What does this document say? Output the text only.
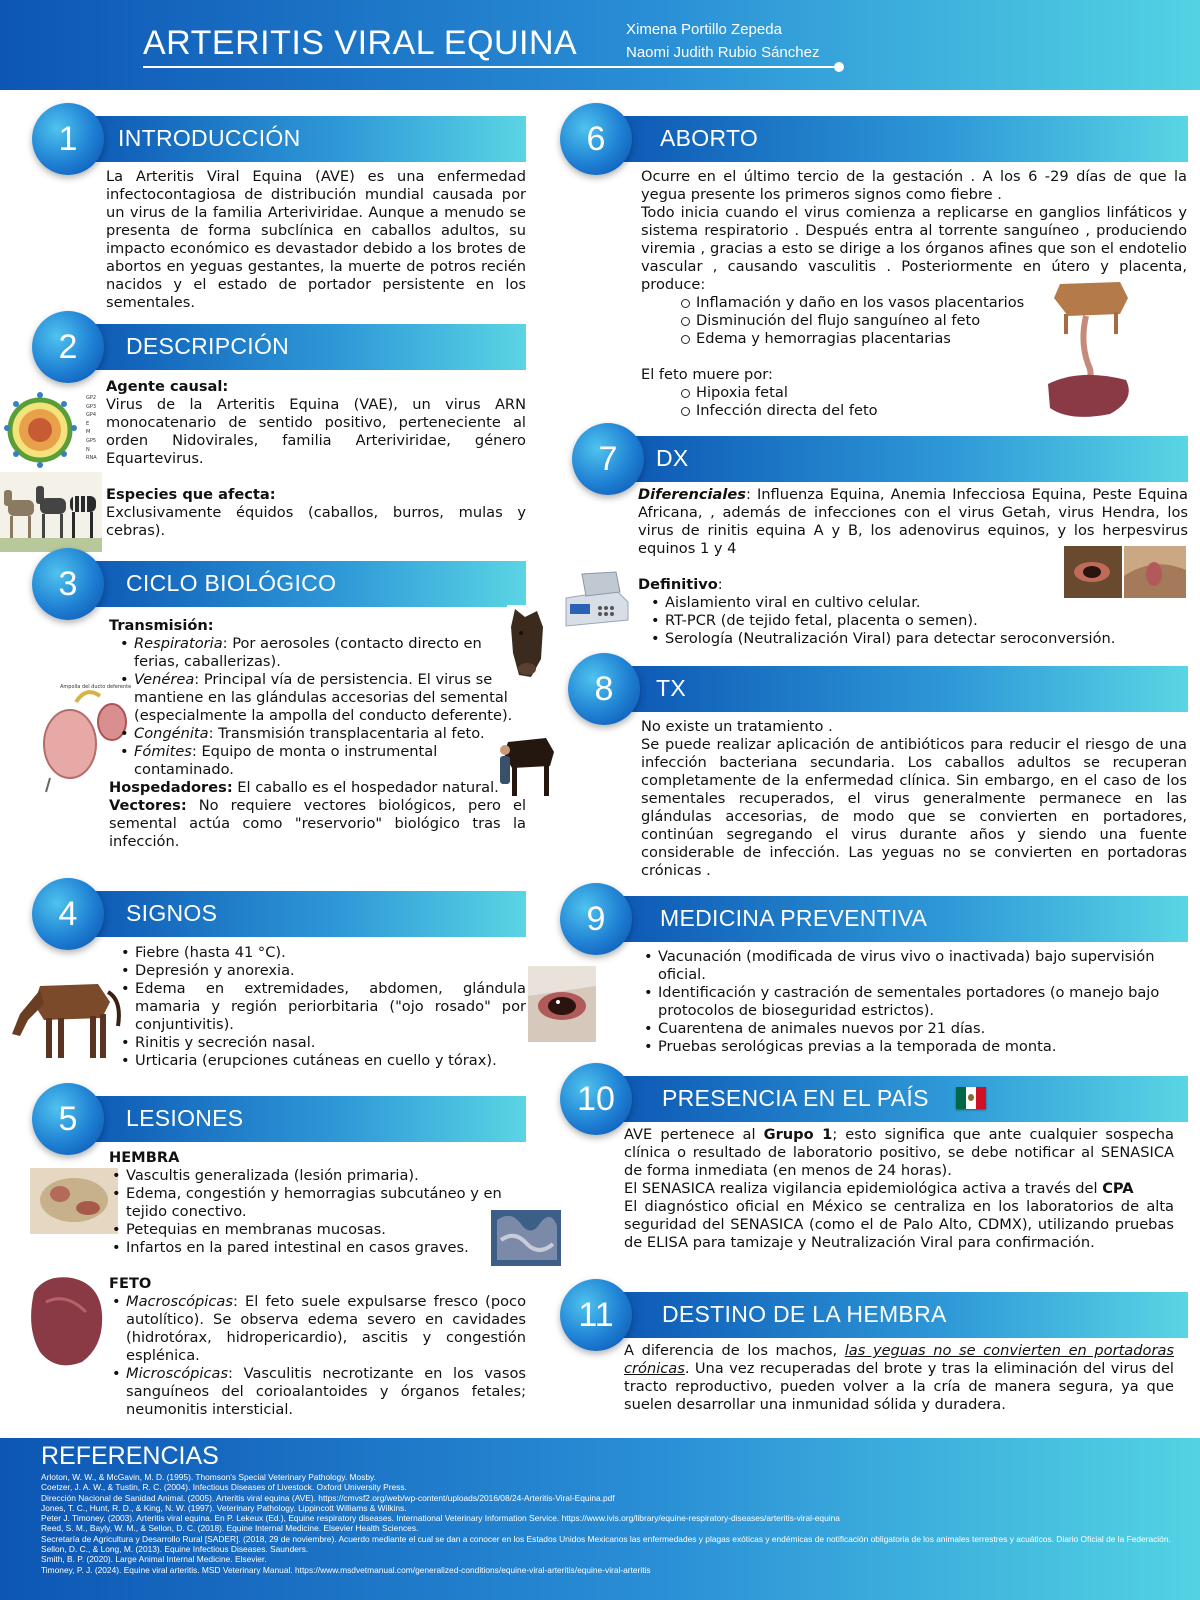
ARTERITIS VIRAL EQUINA	Ximena Portillo Zepeda
Naomi Judith Rubio Sánchez
1	INTRODUCCIÓN
La Arteritis Viral Equina (AVE) es una enfermedad infectocontagiosa de distribución mundial causada por un virus de la familia Arteriviridae. Aunque a menudo se presenta de forma subclínica en caballos adultos, su impacto económico es devastador debido a los brotes de abortos en yeguas gestantes, la muerte de potros recién nacidos y el estado de portador persistente en los sementales.
2	DESCRIPCIÓN
GP2
GP3
GP4
E
M
GP5
N
RNA
Agente causal:
Virus de la Arteritis Equina (VAE), un virus ARN monocatenario de sentido positivo, perteneciente al orden Nidovirales, familia Arteriviridae, género Equartevirus.
Especies que afecta:
Exclusivamente équidos (caballos, burros, mulas y cebras).
3	CICLO BIOLÓGICO
Ampolla del ducto deferente
Transmisión:
• Respiratoria: Por aerosoles (contacto directo en ferias, caballerizas).
• Venérea: Principal vía de persistencia. El virus se mantiene en las glándulas accesorias del semental (especialmente la ampolla del conducto deferente).
• Congénita: Transmisión transplacentaria al feto.
• Fómites: Equipo de monta o instrumental contaminado.
Hospedadores: El caballo es el hospedador natural.
Vectores: No requiere vectores biológicos, pero el semental actúa como "reservorio" biológico tras la infección.
4	SIGNOS
• Fiebre (hasta 41 °C).
• Depresión y anorexia.
• Edema en extremidades, abdomen, glándula mamaria y región periorbitaria ("ojo rosado" por conjuntivitis).
• Rinitis y secreción nasal.
• Urticaria (erupciones cutáneas en cuello y tórax).
5	LESIONES
HEMBRA
• Vascultis generalizada (lesión primaria).
• Edema, congestión y hemorragias subcutáneo y en tejido conectivo.
• Petequias en membranas mucosas.
• Infartos en la pared intestinal en casos graves.
FETO
• Macroscópicas: El feto suele expulsarse fresco (poco autolítico). Se observa edema severo en cavidades (hidrotórax, hidropericardio), ascitis y congestión esplénica.
• Microscópicas: Vasculitis necrotizante en los vasos sanguíneos del corioalantoides y órganos fetales; neumonitis intersticial.
6	ABORTO
Ocurre en el último tercio de la gestación . A los 6 -29 días de que la yegua presente los primeros signos como fiebre .
Todo inicia cuando el virus comienza a replicarse en ganglios linfáticos y sistema respiratorio . Después entra al torrente sanguíneo , produciendo viremia , gracias a esto se dirige a los órganos afines que son el endotelio vascular , causando vasculitis . Posteriormente en útero y placenta, produce:
Inflamación y daño en los vasos placentarios
Disminución del flujo sanguíneo al feto
Edema y hemorragias placentarias
El feto muere por:
Hipoxia fetal
Infección directa del feto
7	DX
Diferenciales: Influenza Equina, Anemia Infecciosa Equina, Peste Equina Africana, , además de infecciones con el virus Getah, virus Hendra, los virus de rinitis equina A y B, los adenovirus equinos, y los herpesvirus equinos 1 y 4
Definitivo:
• Aislamiento viral en cultivo celular.
• RT-PCR (de tejido fetal, placenta o semen).
• Serología (Neutralización Viral) para detectar seroconversión.
8	TX
No existe un tratamiento .
Se puede realizar aplicación de antibióticos para reducir el riesgo de una infección bacteriana secundaria. Los caballos adultos se recuperan completamente de la enfermedad clínica. Sin embargo, en el caso de los sementales recuperados, el virus generalmente permanece en las glándulas accesorias, de modo que se convierten en portadores, continúan segregando el virus durante años y siendo una fuente considerable de infección. Las yeguas no se convierten en portadoras crónicas .
9	MEDICINA PREVENTIVA
• Vacunación (modificada de virus vivo o inactivada) bajo supervisión oficial.
• Identificación y castración de sementales portadores (o manejo bajo protocolos de bioseguridad estrictos).
• Cuarentena de animales nuevos por 21 días.
• Pruebas serológicas previas a la temporada de monta.
10	PRESENCIA EN EL PAÍS
AVE pertenece al Grupo 1; esto significa que ante cualquier sospecha clínica o resultado de laboratorio positivo, se debe notificar al SENASICA de forma inmediata (en menos de 24 horas).
El SENASICA realiza vigilancia epidemiológica activa a través del CPA
El diagnóstico oficial en México se centraliza en los laboratorios de alta seguridad del SENASICA (como el de Palo Alto, CDMX), utilizando pruebas de ELISA para tamizaje y Neutralización Viral para confirmación.
11	DESTINO DE LA HEMBRA
A diferencia de los machos, las yeguas no se convierten en portadoras crónicas. Una vez recuperadas del brote y tras la eliminación del virus del tracto reproductivo, pueden volver a la cría de manera segura, ya que suelen desarrollar una inmunidad sólida y duradera.
REFERENCIAS
Arloton, W. W., & McGavin, M. D. (1995). Thomson's Special Veterinary Pathology. Mosby.
Coetzer, J. A. W., & Tustin, R. C. (2004). Infectious Diseases of Livestock. Oxford University Press.
Dirección Nacional de Sanidad Animal. (2005). Arteritis viral equina (AVE). https://cmvsf2.org/web/wp-content/uploads/2016/08/24-Arteritis-Viral-Equina.pdf
Jones, T. C., Hunt, R. D., & King, N. W. (1997). Veterinary Pathology. Lippincott Williams & Wilkins.
Peter J. Timoney. (2003). Arteritis viral equina. En P. Lekeux (Ed.), Equine respiratory diseases. International Veterinary Information Service. https://www.ivis.org/library/equine-respiratory-diseases/arteritis-viral-equina
Reed, S. M., Bayly, W. M., & Sellon, D. C. (2018). Equine Internal Medicine. Elsevier Health Sciences.
Secretaría de Agricultura y Desarrollo Rural [SADER]. (2018, 29 de noviembre). Acuerdo mediante el cual se dan a conocer en los Estados Unidos Mexicanos las enfermedades y plagas exóticas y endémicas de notificación obligatoria de los animales terrestres y acuáticos. Diario Oficial de la Federación.
Sellon, D. C., & Long, M. (2013). Equine Infectious Diseases. Saunders.
Smith, B. P. (2020). Large Animal Internal Medicine. Elsevier.
Timoney, P. J. (2024). Equine viral arteritis. MSD Veterinary Manual. https://www.msdvetmanual.com/generalized-conditions/equine-viral-arteritis/equine-viral-arteritis
